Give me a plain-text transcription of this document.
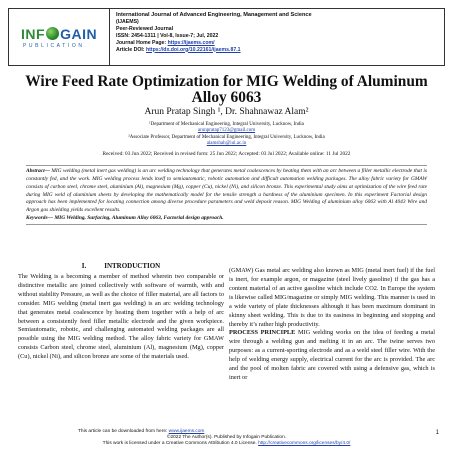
INF GAIN
PUBLICATION
International Journal of Advanced Engineering, Management and Science
(IJAEMS)
Peer-Reviewed Journal
ISSN: 2454-1311 | Vol-8, Issue-7; Jul, 2022
Journal Home Page: https://ijaems.com/
Article DOI: https://dx.doi.org/10.22161/ijaems.87.1
Wire Feed Rate Optimization for MIG Welding of Aluminum Alloy 6063
Arun Pratap Singh ¹, Dr. Shahnawaz Alam²
¹Department of Mechanical Engineering, Integral University, Lucknow, India
arunpratap7123@gmail.com
²Associate Professor, Department of Mechanical Engineering, Integral University, Lucknow, India
alamshah@iul.ac.in
Received: 03 Jun 2022; Received in revised form: 25 Jun 2022; Accepted: 03 Jul 2022; Available online: 11 Jul 2022
Abstract— MIG welding (metal inert gas welding) is an arc welding technology that generates metal coalescences by heating them with an arc between a filler metallic electrode that is constantly fed, and the work. MIG welding process lends itself to semiautomatic, robotic automation and difficult automation welding packages. The alloy fabric variety for GMAW consists of carbon steel, chrome steel, aluminium (Al), magnesium (Mg), copper (Cu), nickel (Ni), and silicon bronze. This experimental study aims at optimization of the wire feed rate during MIG weld of aluminium sheets by developing the mathematically model for the tensile strength a hardness of the aluminium specimen. In this experiment Factorial design approach has been implemented for locating connection among diverse procedure parameters and weld deposit reason. MIG Welding of aluminium alloy 6063 with Al 4043 Wire and Argon gas shielding yields excellent results.
Keywords— MIG Welding, Surfacing, Aluminum Alloy 6063, Factorial design approach.
I.	INTRODUCTION

The Welding is a becoming a member of method wherein two comparable or distinctive metallic are joined collectively with software of warmth, with and without stability Pressure, as well as the choice of filler material, are all factors to consider. MIG welding (metal inert gas welding) is an arc welding technology that generates metal coalescence by heating them together with a help of arc between a consistently feed filler metallic electrode and the given workpiece. Semiautomatic, robotic, and challenging automated welding packages are all possible using the MIG welding method. The alloy fabric variety for GMAW consists Carbon steel, chrome steel, aluminium (Al), magnesium (Mg), copper (Cu), nickel (Ni), and silicon bronze are some of the materials used.

(GMAW) Gas metal arc welding also known as MIG (metal inert fuel) if the fuel is inert, for example argon, or magazine (steel lively gasoline) if the gas has a content material of an active gasoline which include CO2. In Europe the system is likewise called MIG/magazine or simply MIG welding. This manner is used in a wide variety of plate thicknesses although it has been maximum dominant in skinny sheet welding. This is due to its easiness in beginning and stopping and thereby it’s rather high productivity.

PROCESS PRINCIPLE MIG welding works on the idea of feeding a metal wire through a welding gun and melting it in an arc. The twine serves two purposes: as a current-sporting electrode and as a weld steel filler wire. With the help of welding energy supply, electrical current for the arc is provided. The arc and the pool of molten fabric are covered with using a defensive gas, which is inert or

This article can be downloaded from here: www.ijaems.com
©2022 The Author(s). Published by Infogain Publication.
This work is licensed under a Creative Commons Attribution 4.0 License. http://creativecommons.org/licenses/by/4.0/
1
